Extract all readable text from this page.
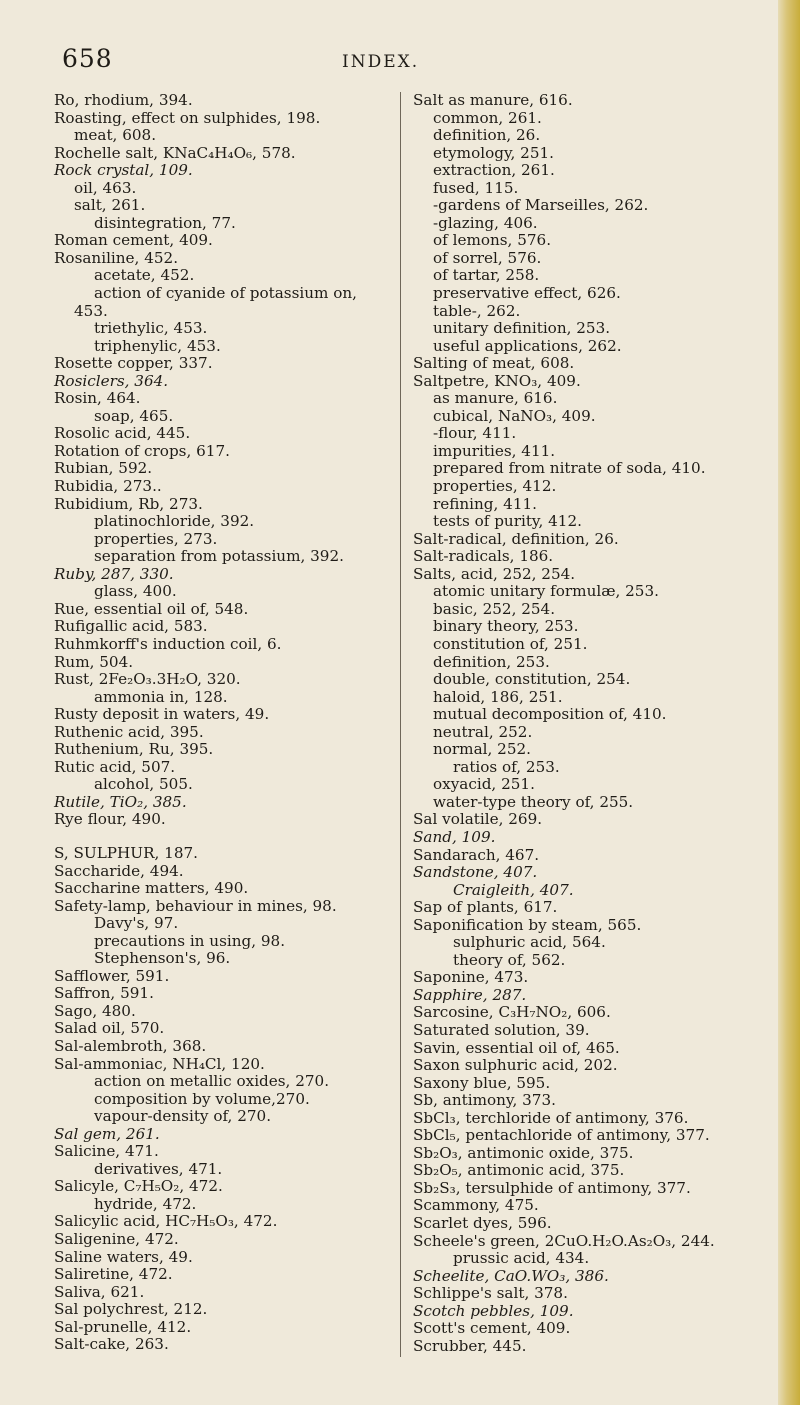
658	INDEX.
Ro, rhodium, 394.
Roasting, effect on sulphides, 198.
meat, 608.
Rochelle salt, KNaC₄H₄O₆, 578.
Rock crystal, 109.
oil, 463.
salt, 261.
disintegration, 77.
Roman cement, 409.
Rosaniline, 452.
acetate, 452.
action of cyanide of potassium on,
453.
triethylic, 453.
triphenylic, 453.
Rosette copper, 337.
Rosiclers, 364.
Rosin, 464.
soap, 465.
Rosolic acid, 445.
Rotation of crops, 617.
Rubian, 592.
Rubidia, 273..
Rubidium, Rb, 273.
platinochloride, 392.
properties, 273.
separation from potassium, 392.
Ruby, 287, 330.
glass, 400.
Rue, essential oil of, 548.
Rufigallic acid, 583.
Ruhmkorff's induction coil, 6.
Rum, 504.
Rust, 2Fe₂O₃.3H₂O, 320.
ammonia in, 128.
Rusty deposit in waters, 49.
Ruthenic acid, 395.
Ruthenium, Ru, 395.
Rutic acid, 507.
alcohol, 505.
Rutile, TiO₂, 385.
Rye flour, 490.
S, SULPHUR, 187.
Saccharide, 494.
Saccharine matters, 490.
Safety-lamp, behaviour in mines, 98.
Davy's, 97.
precautions in using, 98.
Stephenson's, 96.
Safflower, 591.
Saffron, 591.
Sago, 480.
Salad oil, 570.
Sal-alembroth, 368.
Sal-ammoniac, NH₄Cl, 120.
action on metallic oxides, 270.
composition by volume,270.
vapour-density of, 270.
Sal gem, 261.
Salicine, 471.
derivatives, 471.
Salicyle, C₇H₅O₂, 472.
hydride, 472.
Salicylic acid, HC₇H₅O₃, 472.
Saligenine, 472.
Saline waters, 49.
Saliretine, 472.
Saliva, 621.
Sal polychrest, 212.
Sal-prunelle, 412.
Salt-cake, 263.
Salt as manure, 616.
common, 261.
definition, 26.
etymology, 251.
extraction, 261.
fused, 115.
-gardens of Marseilles, 262.
-glazing, 406.
of lemons, 576.
of sorrel, 576.
of tartar, 258.
preservative effect, 626.
table-, 262.
unitary definition, 253.
useful applications, 262.
Salting of meat, 608.
Saltpetre, KNO₃, 409.
as manure, 616.
cubical, NaNO₃, 409.
-flour, 411.
impurities, 411.
prepared from nitrate of soda, 410.
properties, 412.
refining, 411.
tests of purity, 412.
Salt-radical, definition, 26.
Salt-radicals, 186.
Salts, acid, 252, 254.
atomic unitary formulæ, 253.
basic, 252, 254.
binary theory, 253.
constitution of, 251.
definition, 253.
double, constitution, 254.
haloid, 186, 251.
mutual decomposition of, 410.
neutral, 252.
normal, 252.
ratios of, 253.
oxyacid, 251.
water-type theory of, 255.
Sal volatile, 269.
Sand, 109.
Sandarach, 467.
Sandstone, 407.
Craigleith, 407.
Sap of plants, 617.
Saponification by steam, 565.
sulphuric acid, 564.
theory of, 562.
Saponine, 473.
Sapphire, 287.
Sarcosine, C₃H₇NO₂, 606.
Saturated solution, 39.
Savin, essential oil of, 465.
Saxon sulphuric acid, 202.
Saxony blue, 595.
Sb, antimony, 373.
SbCl₃, terchloride of antimony, 376.
SbCl₅, pentachloride of antimony, 377.
Sb₂O₃, antimonic oxide, 375.
Sb₂O₅, antimonic acid, 375.
Sb₂S₃, tersulphide of antimony, 377.
Scammony, 475.
Scarlet dyes, 596.
Scheele's green, 2CuO.H₂O.As₂O₃, 244.
prussic acid, 434.
Scheelite, CaO.WO₃, 386.
Schlippe's salt, 378.
Scotch pebbles, 109.
Scott's cement, 409.
Scrubber, 445.
